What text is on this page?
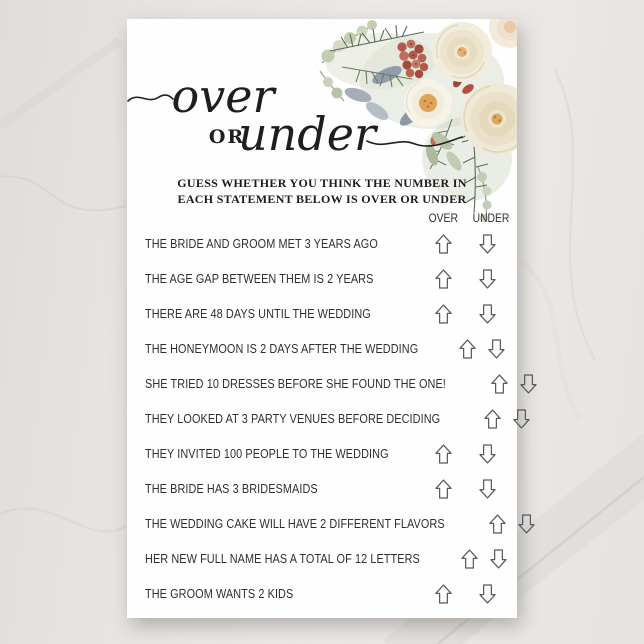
over
OR
under
GUESS WHETHER YOU THINK THE NUMBER IN
EACH STATEMENT BELOW IS OVER OR UNDER
OVER UNDER
THE BRIDE AND GROOM MET 3 YEARS AGO
THE AGE GAP BETWEEN THEM IS 2 YEARS
THERE ARE 48 DAYS UNTIL THE WEDDING
THE HONEYMOON IS 2 DAYS AFTER THE WEDDING
SHE TRIED 10 DRESSES BEFORE SHE FOUND THE ONE!
THEY LOOKED AT 3 PARTY VENUES BEFORE DECIDING
THEY INVITED 100 PEOPLE TO THE WEDDING
THE BRIDE HAS 3 BRIDESMAIDS
THE WEDDING CAKE WILL HAVE 2 DIFFERENT FLAVORS
HER NEW FULL NAME HAS A TOTAL OF 12 LETTERS
THE GROOM WANTS 2 KIDS
